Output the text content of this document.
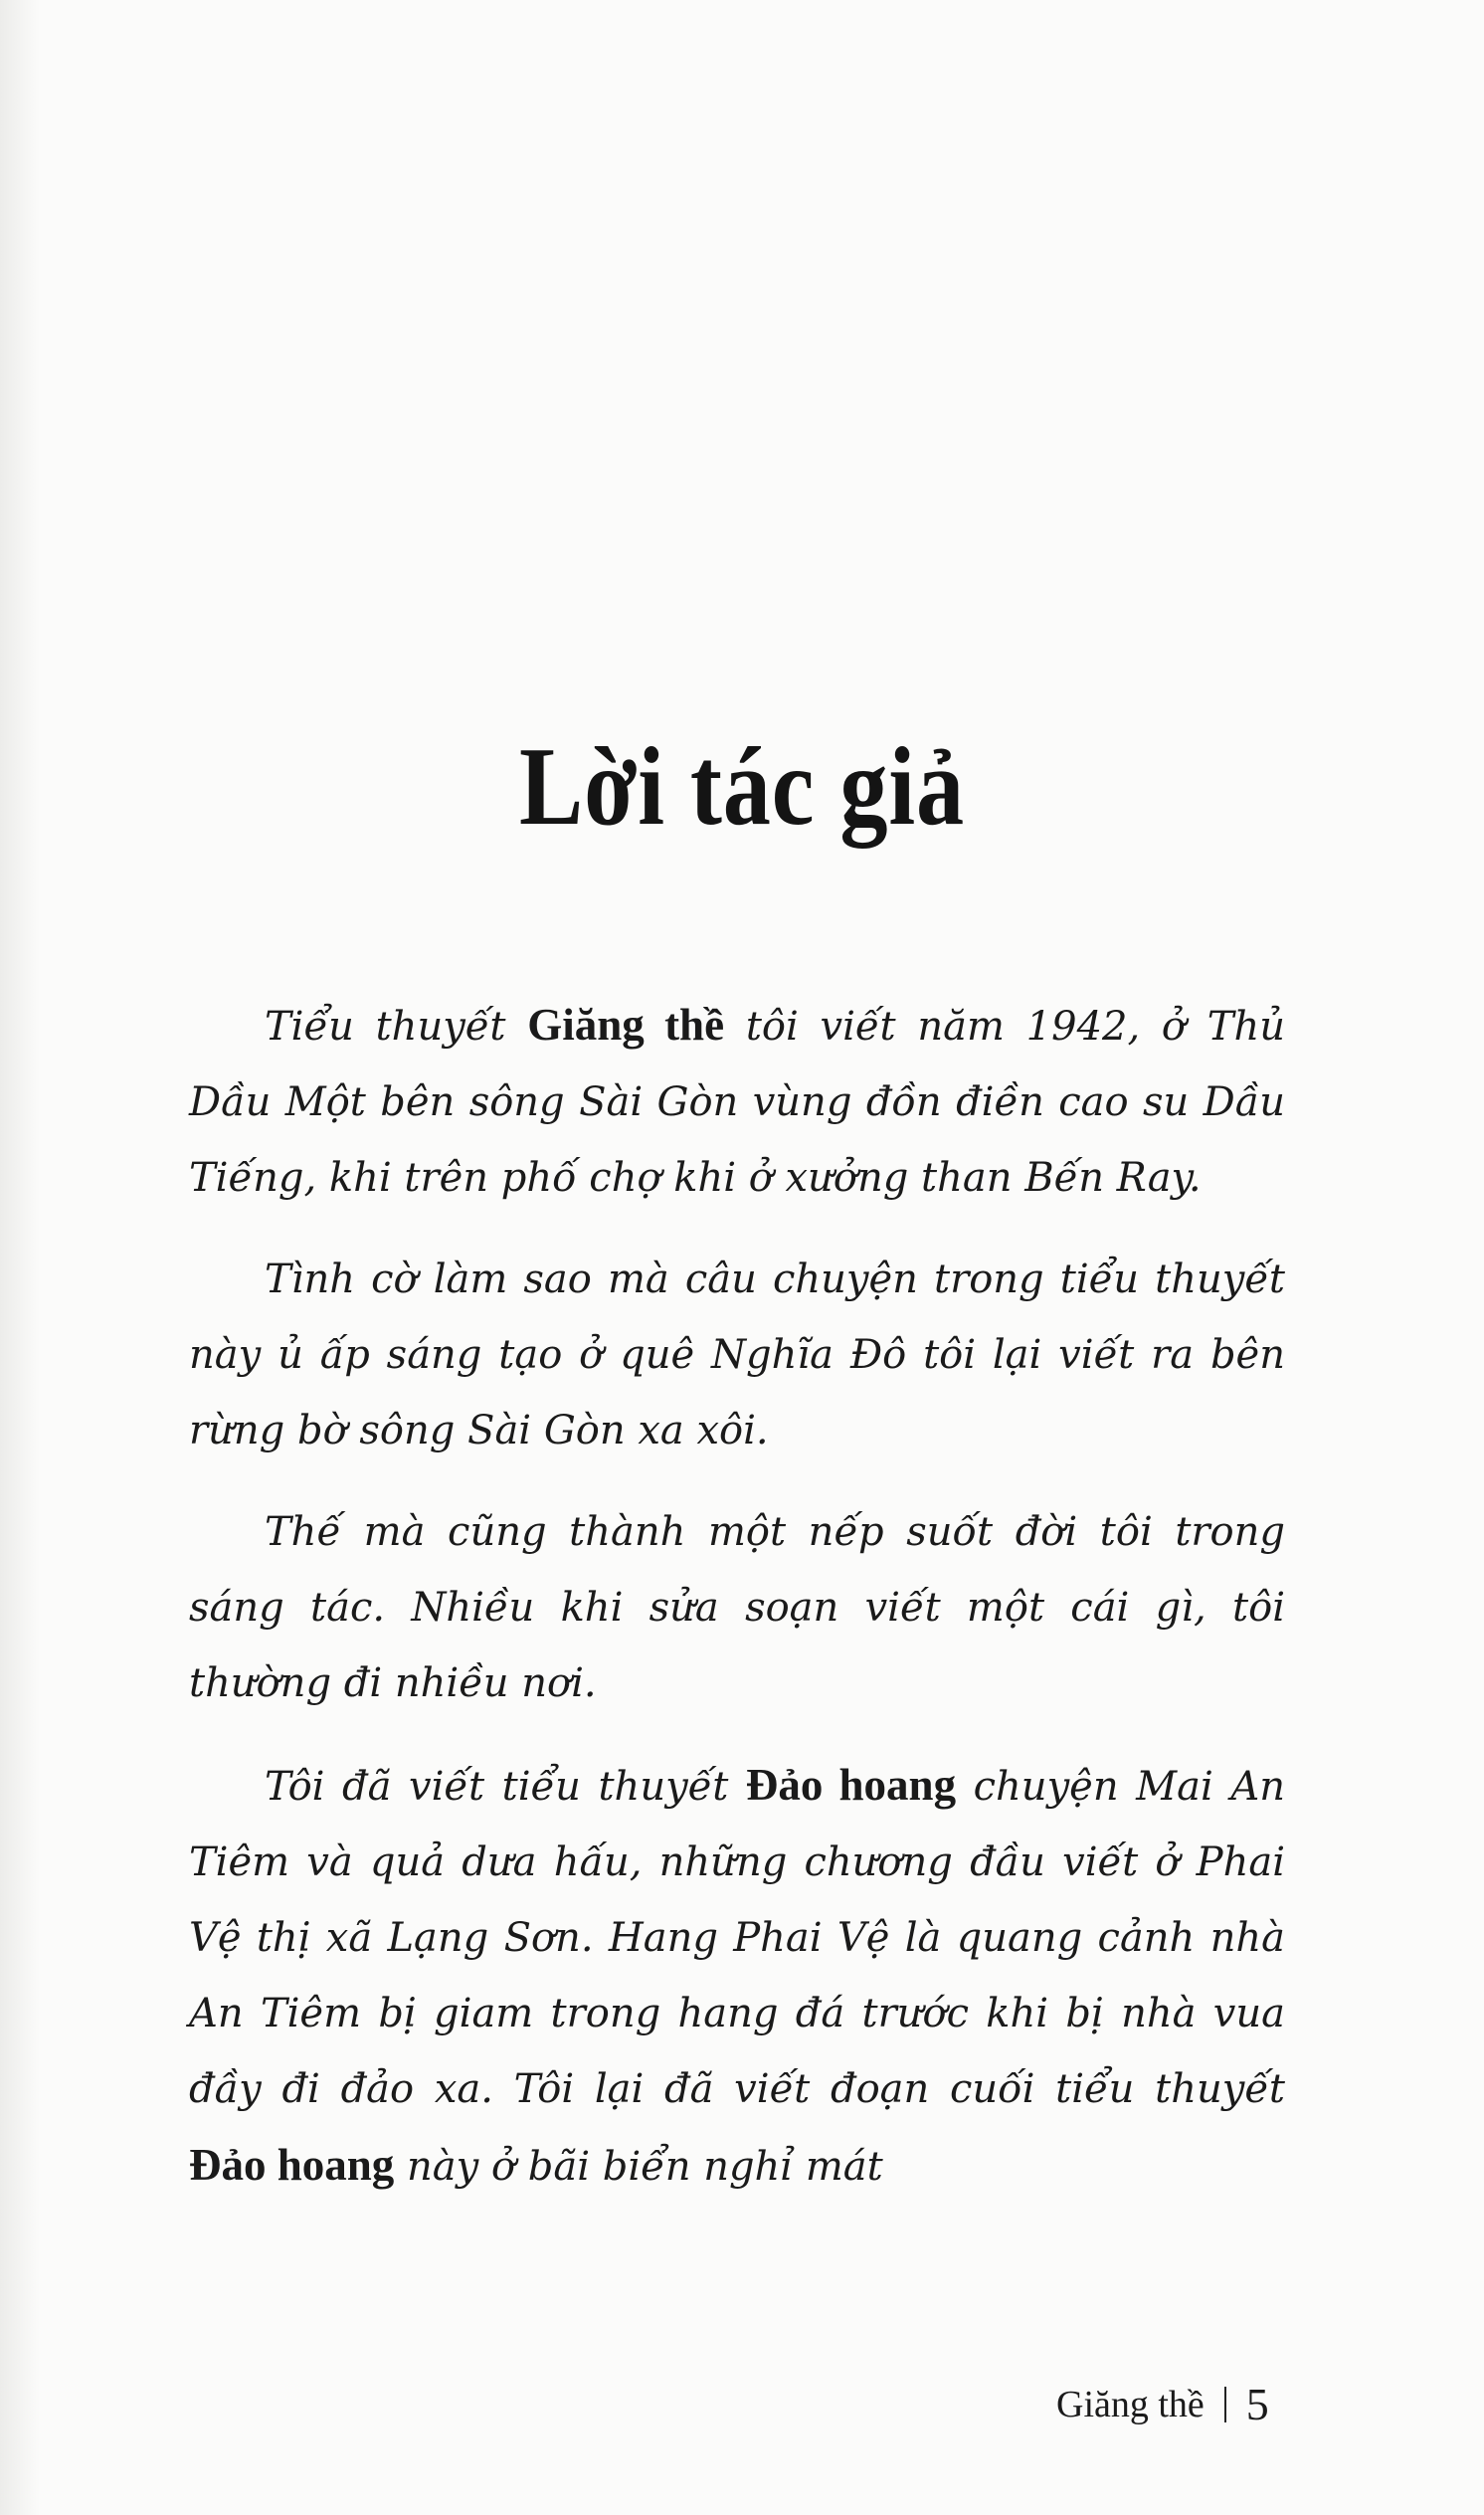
Lời tác giả

Tiểu thuyết Giăng thề tôi viết năm 1942, ở Thủ Dầu Một bên sông Sài Gòn vùng đồn điền cao su Dầu Tiếng, khi trên phố chợ khi ở xưởng than Bến Ray.

Tình cờ làm sao mà câu chuyện trong tiểu thuyết này ủ ấp sáng tạo ở quê Nghĩa Đô tôi lại viết ra bên rừng bờ sông Sài Gòn xa xôi.

Thế mà cũng thành một nếp suốt đời tôi trong sáng tác. Nhiều khi sửa soạn viết một cái gì, tôi thường đi nhiều nơi.

Tôi đã viết tiểu thuyết Đảo hoang chuyện Mai An Tiêm và quả dưa hấu, những chương đầu viết ở Phai Vệ thị xã Lạng Sơn. Hang Phai Vệ là quang cảnh nhà An Tiêm bị giam trong hang đá trước khi bị nhà vua đầy đi đảo xa. Tôi lại đã viết đoạn cuối tiểu thuyết Đảo hoang này ở bãi biển nghỉ mát

Giăng thề 5
